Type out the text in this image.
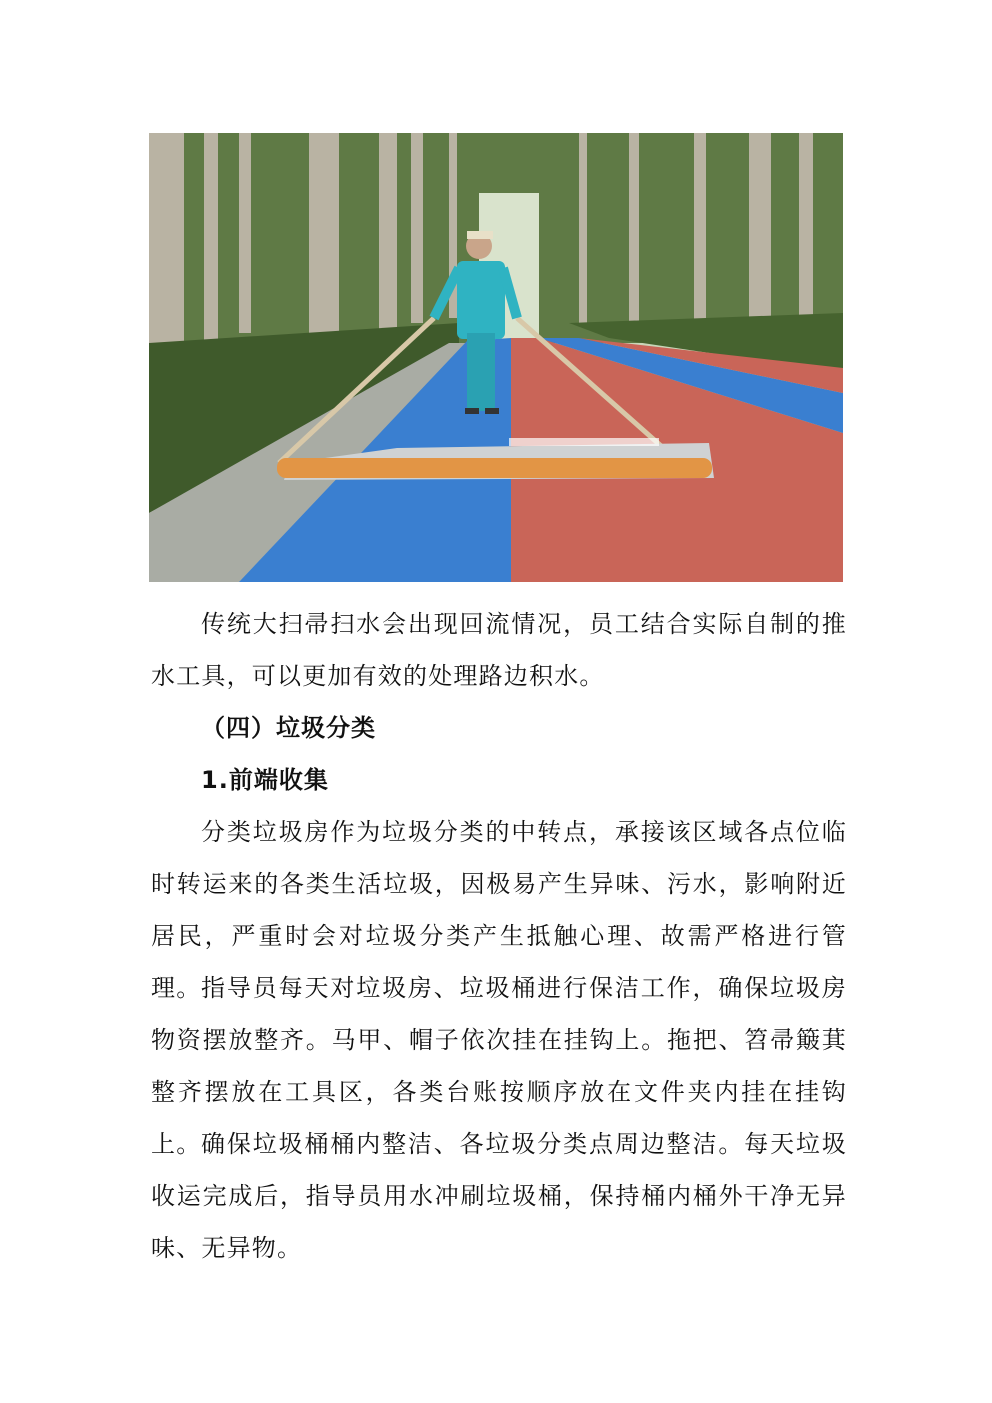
传统大扫帚扫水会出现回流情况，员工结合实际自制的推水工具，可以更加有效的处理路边积水。

（四）垃圾分类

1.前端收集

分类垃圾房作为垃圾分类的中转点，承接该区域各点位临时转运来的各类生活垃圾，因极易产生异味、污水，影响附近居民，严重时会对垃圾分类产生抵触心理、故需严格进行管理。 指导员每天对垃圾房、垃圾桶进行保洁工作，确保垃圾房物资摆放整齐。马甲、帽子依次挂在挂钩上。拖把、笤帚簸萁整齐摆放在工具区，各类台账按顺序放在文件夹内挂在挂钩上。 确保垃圾桶桶内整洁、各垃圾分类点周边整洁。每天垃圾收运完成后，指导员用水冲刷垃圾桶，保持桶内桶外干净无异味、无异物。
